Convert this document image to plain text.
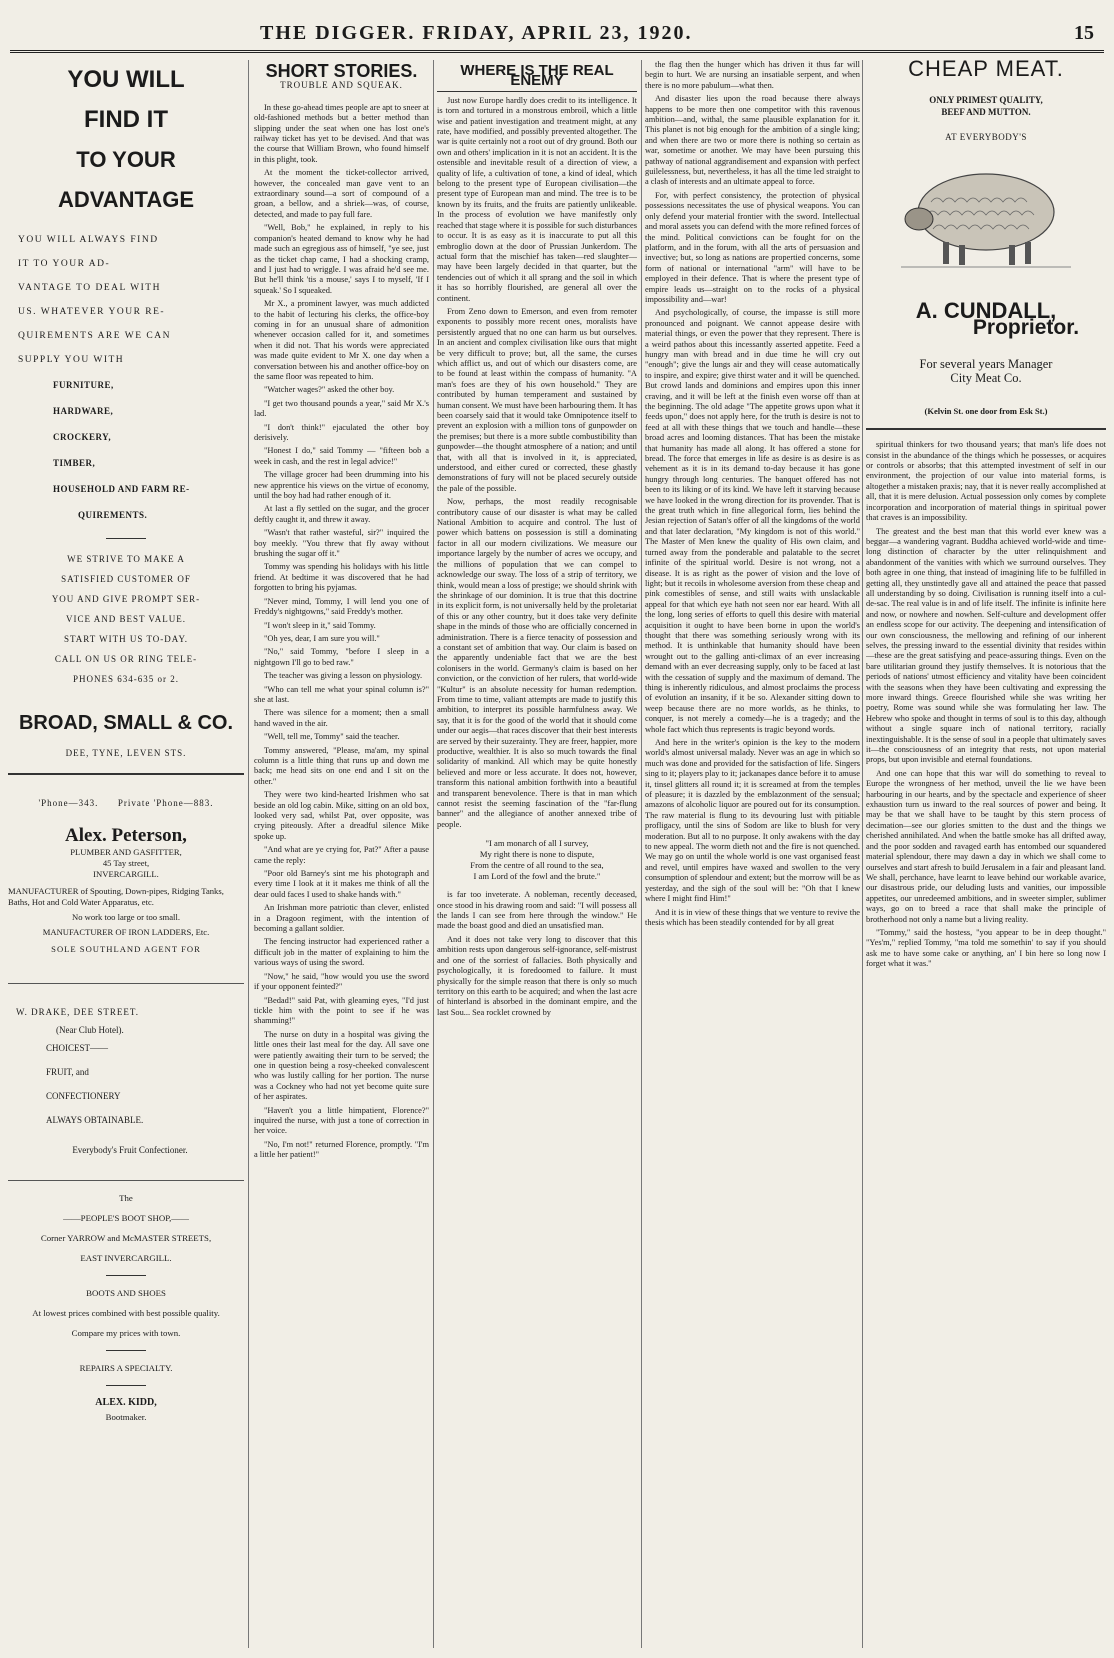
THE DIGGER. FRIDAY, APRIL 23, 1920.	15
YOU WILL
FIND IT
TO YOUR ADVANTAGE
YOU WILL ALWAYS FIND
IT TO YOUR AD-
VANTAGE TO DEAL WITH
US. WHATEVER YOUR RE-
QUIREMENTS ARE WE CAN
SUPPLY YOU WITH
FURNITURE,
HARDWARE,
CROCKERY,
TIMBER,
HOUSEHOLD AND FARM RE-
QUIREMENTS.
WE STRIVE TO MAKE A
SATISFIED CUSTOMER OF
YOU AND GIVE PROMPT SER-
VICE AND BEST VALUE.
START WITH US TO-DAY.
CALL ON US OR RING TELE-
PHONES 634-635 or 2.
BROAD, SMALL & CO.
DEE, TYNE, LEVEN STS.
'Phone—343.      Private 'Phone—883.
Alex. Peterson,
PLUMBER AND GASFITTER,
45 Tay street,
INVERCARGILL.
MANUFACTURER of Spouting, Down-pipes, Ridging Tanks, Baths, Hot and Cold Water Apparatus, etc.
No work too large or too small.
MANUFACTURER OF IRON LADDERS, Etc.
SOLE SOUTHLAND AGENT FOR
W. DRAKE, DEE STREET.
(Near Club Hotel).
CHOICEST——
FRUIT, and
CONFECTIONERY
ALWAYS OBTAINABLE.
Everybody's Fruit Confectioner.
The
——PEOPLE'S BOOT SHOP,——
Corner YARROW and McMASTER STREETS,
EAST INVERCARGILL.
BOOTS AND SHOES
At lowest prices combined with best possible quality.
Compare my prices with town.
REPAIRS A SPECIALTY.
ALEX. KIDD,
Bootmaker.
SHORT STORIES.
TROUBLE AND SQUEAK.

In these go-ahead times people are apt to sneer at old-fashioned methods but a better method than slipping under the seat when one has lost one's railway ticket has yet to be devised. And that was the course that William Brown, who found himself in this plight, took.

At the moment the ticket-collector arrived, however, the concealed man gave vent to an extraordinary sound—a sort of compound of a groan, a bellow, and a shriek—was, of course, detected, and made to pay full fare.

"Well, Bob," he explained, in reply to his companion's heated demand to know why he had made such an egregious ass of himself, "ye see, just as the ticket chap came, I had a shocking cramp, and I just had to wriggle. I was afraid he'd see me. But he'll think 'tis a mouse,' says I to myself, 'If I squeak.' So I squeaked.

Mr X., a prominent lawyer, was much addicted to the habit of lecturing his clerks, the office-boy coming in for an unusual share of admonition whenever occasion called for it, and sometimes when it did not. That his words were appreciated was made quite evident to Mr X. one day when a conversation between his and another office-boy on the same floor was repeated to him.

"Watcher wages?" asked the other boy.

"I get two thousand pounds a year," said Mr X.'s lad.

"I don't think!" ejaculated the other boy derisively.

"Honest I do," said Tommy — "fifteen bob a week in cash, and the rest in legal advice!"

The village grocer had been drumming into his new apprentice his views on the virtue of economy, until the boy had had rather enough of it.

At last a fly settled on the sugar, and the grocer deftly caught it, and threw it away.

"Wasn't that rather wasteful, sir?" inquired the boy meekly. "You threw that fly away without brushing the sugar off it."

Tommy was spending his holidays with his little friend. At bedtime it was discovered that he had forgotten to bring his pyjamas.

"Never mind, Tommy, I will lend you one of Freddy's nightgowns," said Freddy's mother.

"I won't sleep in it," said Tommy.

"Oh yes, dear, I am sure you will."

"No," said Tommy, "before I sleep in a nightgown I'll go to bed raw."

The teacher was giving a lesson on physiology.

"Who can tell me what your spinal column is?" she at last.

There was silence for a moment; then a small hand waved in the air.

"Well, tell me, Tommy" said the teacher.

Tommy answered, "Please, ma'am, my spinal column is a little thing that runs up and down me back; me head sits on one end and I sit on the other."

They were two kind-hearted Irishmen who sat beside an old log cabin. Mike, sitting on an old box, looked very sad, whilst Pat, over opposite, was crying piteously. After a dreadful silence Mike spoke up.

"And what are ye crying for, Pat?" After a pause came the reply:

"Poor old Barney's sint me his photograph and every time I look at it it makes me think of all the dear ould faces I used to shake hands with."

An Irishman more patriotic than clever, enlisted in a Dragoon regiment, with the intention of becoming a gallant soldier.

The fencing instructor had experienced rather a difficult job in the matter of explaining to him the various ways of using the sword.

"Now," he said, "how would you use the sword if your opponent feinted?"

"Bedad!" said Pat, with gleaming eyes, "I'd just tickle him with the point to see if he was shamming!"

The nurse on duty in a hospital was giving the little ones their last meal for the day. All save one were patiently awaiting their turn to be served; the one in question being a rosy-cheeked convalescent who was lustily calling for her portion. The nurse was a Cockney who had not yet become quite sure of her aspirates.

"Haven't you a little himpatient, Florence?" inquired the nurse, with just a tone of correction in her voice.

"No, I'm not!" returned Florence, promptly. "I'm a little her patient!"

WHERE IS THE REAL ENEMY

Just now Europe hardly does credit to its intelligence. It is torn and tortured in a monstrous embroil, which a little wise and patient investigation and treatment might, at any rate, have modified, and possibly prevented altogether. The war is quite certainly not a root out of dry ground. Both our own and others' implication in it is not an accident. It is the ostensible and inevitable result of a direction of view, a quality of life, a cultivation of tone, a kind of ideal, which belong to the present type of European civilisation—the present type of European man and mind. The tree is to be known by its fruits, and the fruits are patiently unlikeable. In the process of evolution we have manifestly only reached that stage where it is possible for such disturbances to occur. It is as easy as it is inaccurate to put all this embroglio down at the door of Prussian Junkerdom. The actual form that the mischief has taken—red slaughter—may have been largely decided in that quarter, but the tendencies out of which it all sprang and the soil in which it has so horribly flourished, are general all over the continent.

From Zeno down to Emerson, and even from remoter exponents to possibly more recent ones, moralists have persistently argued that no one can harm us but ourselves. In an ancient and complex civilisation like ours that might be very difficult to prove; but, all the same, the curses which afflict us, and out of which our disasters come, are to be found at least within the compass of humanity. "A man's foes are they of his own household." They are contributed by human temperament and sustained by human consent. We must have been harbouring them. It has been coarsely said that it would take Omnipotence itself to prevent an explosion with a million tons of gunpowder on the premises; but there is a more subtle combustibility than gunpowder—the thought atmosphere of a nation; and until that, with all that is involved in it, is appreciated, understood, and either cured or corrected, these ghastly demonstrations of fury will not be placed securely outside the pale of the possible.

Now, perhaps, the most readily recognisable contributory cause of our disaster is what may be called National Ambition to acquire and control. The lust of power which battens on possession is still a dominating factor in all our modern civilizations. We measure our importance largely by the number of acres we occupy, and the millions of population that we can compel to acknowledge our sway. The loss of a strip of territory, we think, would mean a loss of prestige; we should shrink with the shrinkage of our dominion. It is true that this doctrine in its explicit form, is not universally held by the proletariat of this or any other country, but it does take very definite shape in the minds of those who are officially concerned in administration. There is a fierce tenacity of possession and a constant set of ambition that way. Our claim is based on the apparently undeniable fact that we are the best colonisers in the world. Germany's claim is based on her conviction, or the conviction of her rulers, that world-wide "Kultur" is an absolute necessity for human redemption. From time to time, valiant attempts are made to justify this ambition, to interpret its possible harmfulness away. We say, that it is for the good of the world that it should come under our aegis—that races discover that their best interests are served by their suzerainty. They are freer, happier, more productive, wealthier. It is also so much towards the final solidarity of mankind. All which may be quite honestly believed and more or less accurate. It does not, however, transform this national ambition forthwith into a beautiful and transparent benevolence. There is that in man which cannot resist the seeming fascination of the "far-flung banner" and the allegiance of another annexed tribe of people.

"I am monarch of all I survey,
My right there is none to dispute,
From the centre of all round to the sea,
I am Lord of the fowl and the brute."

is far too inveterate. A nobleman, recently deceased, once stood in his drawing room and said: "I will possess all the lands I can see from here through the window." He made the boast good and died an unsatisfied man.

And it does not take very long to discover that this ambition rests upon dangerous self-ignorance, self-mistrust and one of the sorriest of fallacies. Both physically and psychologically, it is foredoomed to failure. It must physically for the simple reason that there is only so much territory on this earth to be acquired; and when the last acre of hinterland is absorbed in the dominant empire, and the last Sou... Sea rocklet crowned by

the flag then the hunger which has driven it thus far will begin to hurt. We are nursing an insatiable serpent, and when there is no more pabulum—what then.

And disaster lies upon the road because there always happens to be more then one competitor with this ravenous ambition—and, withal, the same plausible explanation for it. This planet is not big enough for the ambition of a single king; and when there are two or more there is nothing so certain as war, sometime or another. We may have been pursuing this pathway of national aggrandisement and expansion with perfect guilelessness, but, nevertheless, it has all the time led straight to a clash of interests and an ultimate appeal to force.

For, with perfect consistency, the protection of physical possessions necessitates the use of physical weapons. You can only defend your material frontier with the sword. Intellectual and moral assets you can defend with the more refined forces of the mind. Political convictions can be fought for on the platform, and in the forum, with all the arts of persuasion and invective; but, so long as nations are propertied concerns, some form of national or international "arm" will have to be employed in their defence. That is where the present type of empire leads us—straight on to the rocks of a physical impossibility and—war!

And psychologically, of course, the impasse is still more pronounced and poignant. We cannot appease desire with material things, or even the power that they represent. There is a weird pathos about this incessantly asserted appetite. Feed a hungry man with bread and in due time he will cry out "enough"; give the lungs air and they will cease automatically to inspire, and expire; give thirst water and it will be quenched. But crowd lands and dominions and empires upon this inner craving, and it will be left at the finish even worse off than at the beginning. The old adage "The appetite grows upon what it feeds upon," does not apply here, for the truth is desire is not to feed at all with these things that we touch and handle—these broad acres and looming distances. That has been the mistake that humanity has made all along. It has offered a stone for bread. The force that emerges in life as desire is as desire is as vehement as it is in its demand to-day because it has gone hungry through long centuries. The banquet offered has not been to its liking or of its kind. We have left it starving because we have looked in the wrong direction for its provender. That is the great truth which in fine allegorical form, lies behind the Jesian rejection of Satan's offer of all the kingdoms of the world and that later declaration, "My kingdom is not of this world." The Master of Men knew the quality of His own claim, and turned away from the ponderable and palatable to the secret infinite of the spiritual world. Desire is not wrong, not a disease. It is as right as the power of vision and the love of light; but it recoils in wholesome aversion from these cheap and pink comestibles of sense, and still waits with unslackable appeal for that which eye hath not seen nor ear heard. With all the long, long series of efforts to quell this desire with material acquisition it ought to have been borne in upon the world's thought that there was something seriously wrong with its method. It is unthinkable that humanity should have been wrought out to the galling anti-climax of an ever increasing demand with an ever decreasing supply, only to be faced at last with the cessation of supply and the maximum of demand. The thing is inherently ridiculous, and almost proclaims the process of evolution an insanity, if it be so. Alexander sitting down to weep because there are no more worlds, as he thinks, to conquer, is not merely a comedy—he is a tragedy; and the whole fact which thus represents is tragic beyond words.

And here in the writer's opinion is the key to the modern world's almost universal malady. Never was an age in which so much was done and provided for the satisfaction of life. Singers sing to it; players play to it; jackanapes dance before it to amuse it, tinsel glitters all round it; it is screamed at from the temples of pleasure; it is dazzled by the emblazonment of the sensual; amazons of alcoholic liquor are poured out for its consumption. The raw material is flung to its devouring lust with pitiable profligacy, until the sins of Sodom are like to blush for very moderation. But all to no purpose. It only awakens with the day to new appeal. The worm dieth not and the fire is not quenched. We may go on until the whole world is one vast organised feast and revel, until empires have waxed and swollen to the very consumption of splendour and extent; but the morrow will be as yesterday, and the sigh of the soul will be: "Oh that I knew where I might find Him!"

And it is in view of these things that we venture to revive the thesis which has been steadily contended for by all great

CHEAP MEAT.
ONLY PRIMEST QUALITY,
BEEF AND MUTTON.
AT EVERYBODY'S
A. CUNDALL,
Proprietor.
For several years Manager
City Meat Co.
(Kelvin St. one door from Esk St.)

spiritual thinkers for two thousand years; that man's life does not consist in the abundance of the things which he possesses, or acquires or controls or absorbs; that this attempted investment of self in our environment, the projection of our value into material forms, is altogether a mistaken praxis; nay, that it is never really accomplished at all, that it is mere delusion. Actual possession only comes by complete incorporation and incorporation of material things in spiritual power that craves is an impossibility.

The greatest and the best man that this world ever knew was a beggar—a wandering vagrant. Buddha achieved world-wide and time-long distinction of character by the utter relinquishment and abandonment of the vanities with which we surround ourselves. They both agree in one thing, that instead of imagining life to be fulfilled in getting all, they unstintedly gave all and attained the peace that passed all understanding by so doing. Civilisation is running itself into a cul-de-sac. The real value is in and of life itself. The infinite is infinite here and now, or nowhere and nowhen. Self-culture and development offer an endless scope for our activity. The deepening and intensification of our own consciousness, the mellowing and refining of our inherent selves, the pressing inward to the essential divinity that resides within—these are the great satisfying and peace-assuring things. Even on the bare utilitarian ground they justify themselves. It is notorious that the periods of nations' utmost efficiency and vitality have been coincident with the seasons when they have been cultivating and expressing the more inward things. Greece flourished while she was writing her poetry, Rome was sound while she was formulating her law. The Hebrew who spoke and thought in terms of soul is to this day, although without a single square inch of national territory, racially inextinguishable. It is the sense of soul in a people that ultimately saves it—the consciousness of an integrity that rests, not upon material props, but upon invisible and eternal foundations.

And one can hope that this war will do something to reveal to Europe the wrongness of her method, unveil the lie we have been harbouring in our hearts, and by the spectacle and experience of sheer exhaustion turn us inward to the real sources of power and being. It may be that we shall have to be taught by this stern process of decimation—see our glories smitten to the dust and the things we cherished annihilated. And when the battle smoke has all drifted away, and the poor sodden and ravaged earth has entombed our squandered material splendour, there may dawn a day in which we shall come to ourselves and start afresh to build Jerusalem in a fair and pleasant land. We shall, perchance, have learnt to leave behind our workable avarice, our disastrous pride, our deluding lusts and vanities, our impossible appetites, our unredeemed ambitions, and in sweeter simpler, sublimer ways, go on to breed a race that shall make the principle of brotherhood not only a name but a living reality.

"Tommy," said the hostess, "you appear to be in deep thought." "Yes'm," replied Tommy, "ma told me somethin' to say if you should ask me to have some cake or anything, an' I bin here so long now I forget what it was."
